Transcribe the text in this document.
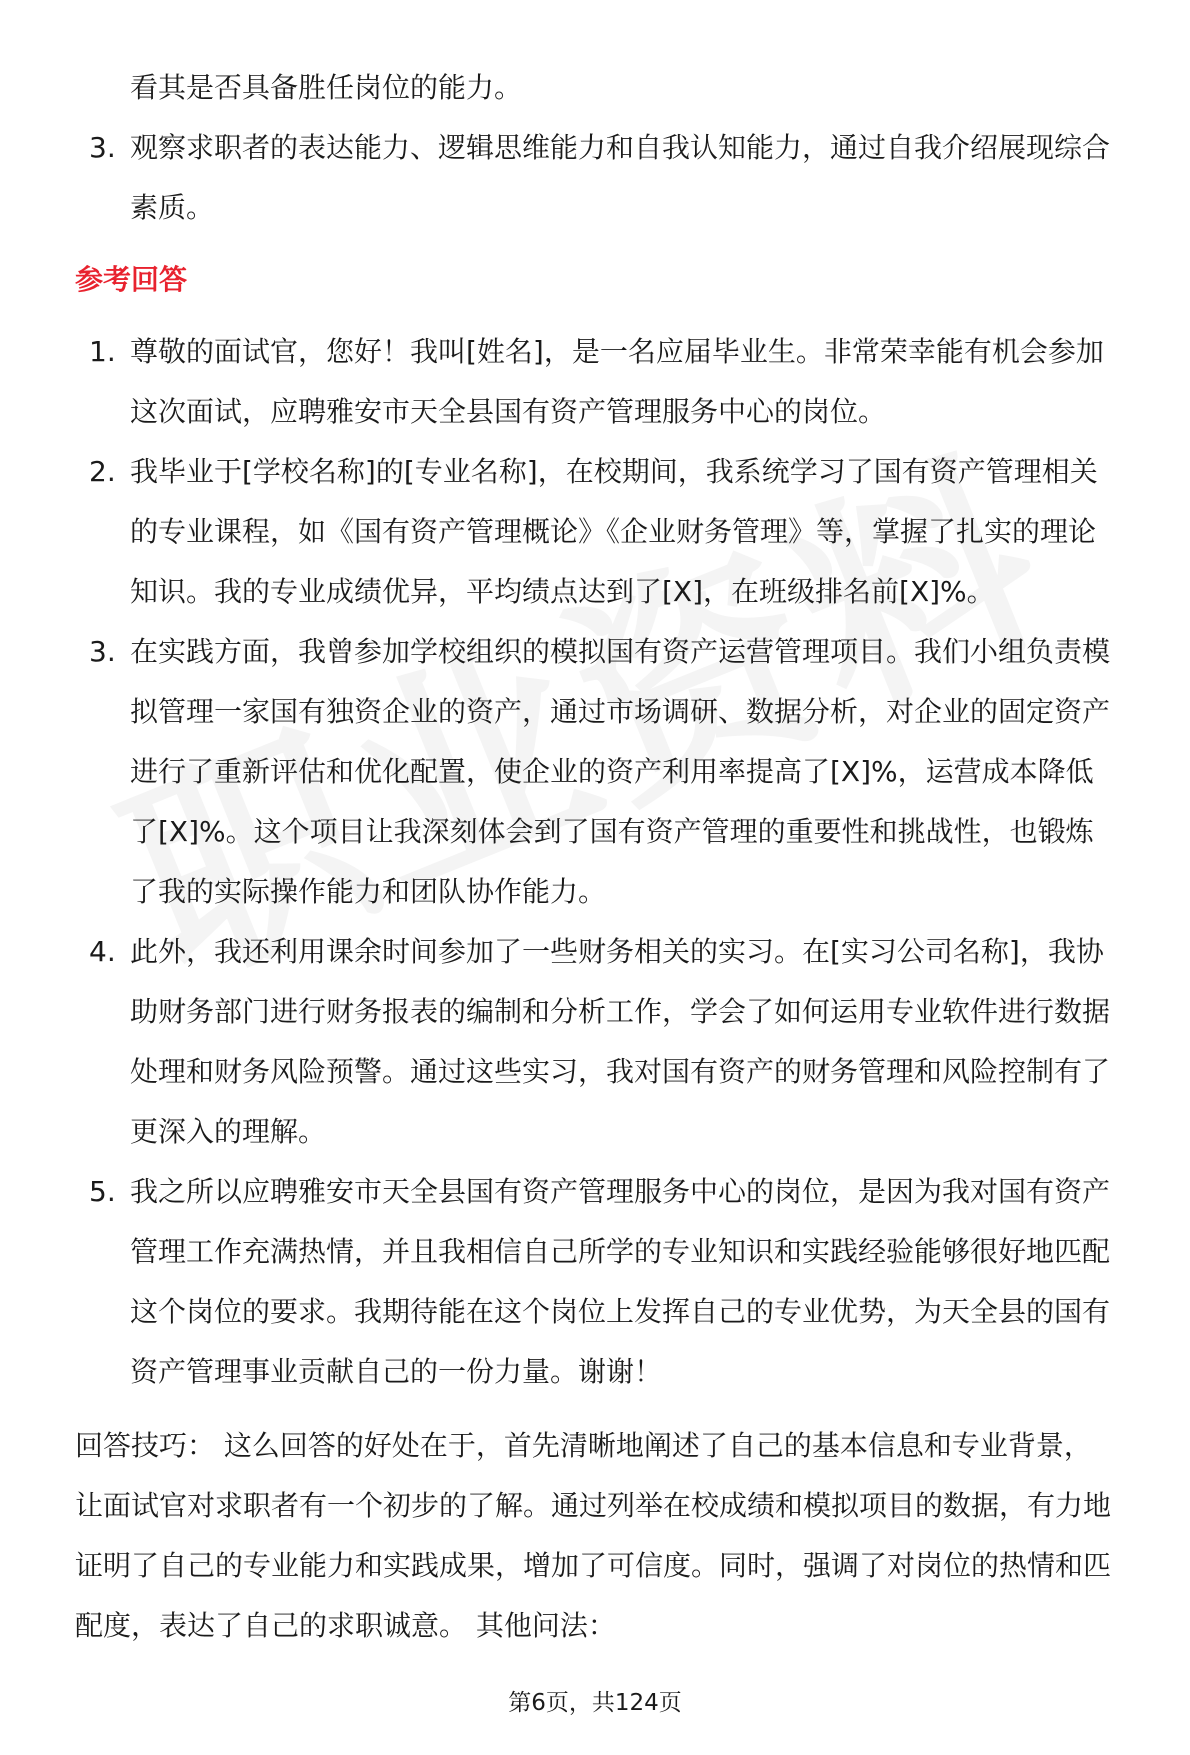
看其是否具备胜任岗位的能力。

3. 观察求职者的表达能力、逻辑思维能力和自我认知能力，通过自我介绍展现综合素质。
参考回答
1. 尊敬的面试官，您好！我叫[姓名]，是一名应届毕业生。非常荣幸能有机会参加这次面试，应聘雅安市天全县国有资产管理服务中心的岗位。
2. 我毕业于[学校名称]的[专业名称]，在校期间，我系统学习了国有资产管理相关的专业课程，如《国有资产管理概论》《企业财务管理》等，掌握了扎实的理论知识。我的专业成绩优异，平均绩点达到了[X]，在班级排名前[X]%。
3. 在实践方面，我曾参加学校组织的模拟国有资产运营管理项目。我们小组负责模拟管理一家国有独资企业的资产，通过市场调研、数据分析，对企业的固定资产进行了重新评估和优化配置，使企业的资产利用率提高了[X]%，运营成本降低了[X]%。这个项目让我深刻体会到了国有资产管理的重要性和挑战性，也锻炼了我的实际操作能力和团队协作能力。
4. 此外，我还利用课余时间参加了一些财务相关的实习。在[实习公司名称]，我协助财务部门进行财务报表的编制和分析工作，学会了如何运用专业软件进行数据处理和财务风险预警。通过这些实习，我对国有资产的财务管理和风险控制有了更深入的理解。
5. 我之所以应聘雅安市天全县国有资产管理服务中心的岗位，是因为我对国有资产管理工作充满热情，并且我相信自己所学的专业知识和实践经验能够很好地匹配这个岗位的要求。我期待能在这个岗位上发挥自己的专业优势，为天全县的国有资产管理事业贡献自己的一份力量。谢谢！

回答技巧： 这么回答的好处在于，首先清晰地阐述了自己的基本信息和专业背景，让面试官对求职者有一个初步的了解。通过列举在校成绩和模拟项目的数据，有力地证明了自己的专业能力和实践成果，增加了可信度。同时，强调了对岗位的热情和匹配度，表达了自己的求职诚意。 其他问法：

第6页，共124页
